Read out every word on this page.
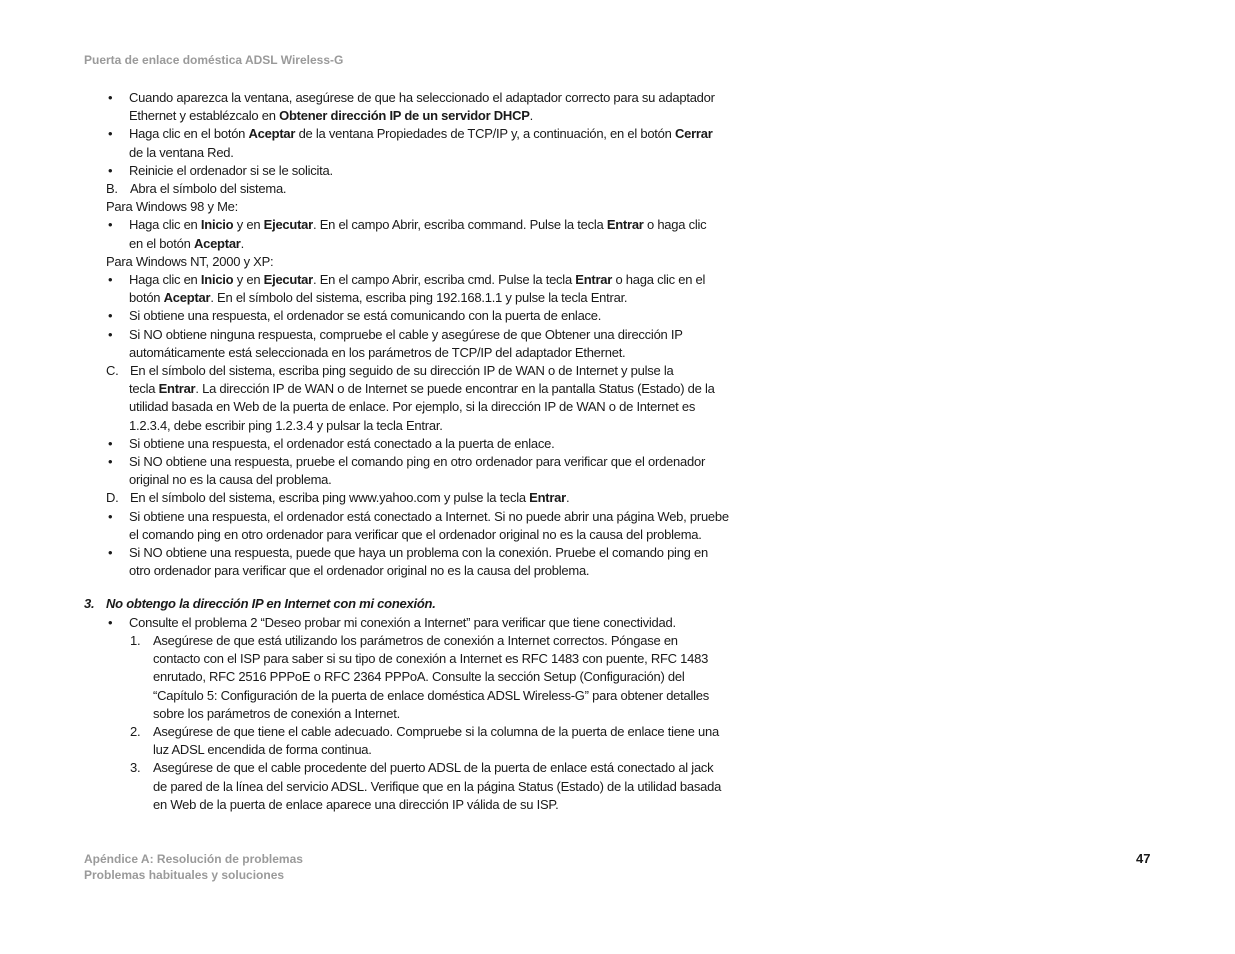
Puerta de enlace doméstica ADSL Wireless-G
• Cuando aparezca la ventana, asegúrese de que ha seleccionado el adaptador correcto para su adaptador
Ethernet y establézcalo en Obtener dirección IP de un servidor DHCP.
• Haga clic en el botón Aceptar de la ventana Propiedades de TCP/IP y, a continuación, en el botón Cerrar
de la ventana Red.
• Reinicie el ordenador si se le solicita.
B. Abra el símbolo del sistema.
Para Windows 98 y Me:
• Haga clic en Inicio y en Ejecutar. En el campo Abrir, escriba command. Pulse la tecla Entrar o haga clic
en el botón Aceptar.
Para Windows NT, 2000 y XP:
• Haga clic en Inicio y en Ejecutar. En el campo Abrir, escriba cmd. Pulse la tecla Entrar o haga clic en el
botón Aceptar. En el símbolo del sistema, escriba ping 192.168.1.1 y pulse la tecla Entrar.
• Si obtiene una respuesta, el ordenador se está comunicando con la puerta de enlace.
• Si NO obtiene ninguna respuesta, compruebe el cable y asegúrese de que Obtener una dirección IP
automáticamente está seleccionada en los parámetros de TCP/IP del adaptador Ethernet.
C. En el símbolo del sistema, escriba ping seguido de su dirección IP de WAN o de Internet y pulse la
tecla Entrar. La dirección IP de WAN o de Internet se puede encontrar en la pantalla Status (Estado) de la
utilidad basada en Web de la puerta de enlace. Por ejemplo, si la dirección IP de WAN o de Internet es
1.2.3.4, debe escribir ping 1.2.3.4 y pulsar la tecla Entrar.
• Si obtiene una respuesta, el ordenador está conectado a la puerta de enlace.
• Si NO obtiene una respuesta, pruebe el comando ping en otro ordenador para verificar que el ordenador
original no es la causa del problema.
D. En el símbolo del sistema, escriba ping www.yahoo.com y pulse la tecla Entrar.
• Si obtiene una respuesta, el ordenador está conectado a Internet. Si no puede abrir una página Web, pruebe
el comando ping en otro ordenador para verificar que el ordenador original no es la causa del problema.
• Si NO obtiene una respuesta, puede que haya un problema con la conexión. Pruebe el comando ping en
otro ordenador para verificar que el ordenador original no es la causa del problema.
3. No obtengo la dirección IP en Internet con mi conexión.
• Consulte el problema 2 “Deseo probar mi conexión a Internet” para verificar que tiene conectividad.
1. Asegúrese de que está utilizando los parámetros de conexión a Internet correctos. Póngase en
contacto con el ISP para saber si su tipo de conexión a Internet es RFC 1483 con puente, RFC 1483
enrutado, RFC 2516 PPPoE o RFC 2364 PPPoA. Consulte la sección Setup (Configuración) del
“Capítulo 5: Configuración de la puerta de enlace doméstica ADSL Wireless-G” para obtener detalles
sobre los parámetros de conexión a Internet.
2. Asegúrese de que tiene el cable adecuado. Compruebe si la columna de la puerta de enlace tiene una
luz ADSL encendida de forma continua.
3. Asegúrese de que el cable procedente del puerto ADSL de la puerta de enlace está conectado al jack
de pared de la línea del servicio ADSL. Verifique que en la página Status (Estado) de la utilidad basada
en Web de la puerta de enlace aparece una dirección IP válida de su ISP.
Apéndice A: Resolución de problemas
Problemas habituales y soluciones
47
